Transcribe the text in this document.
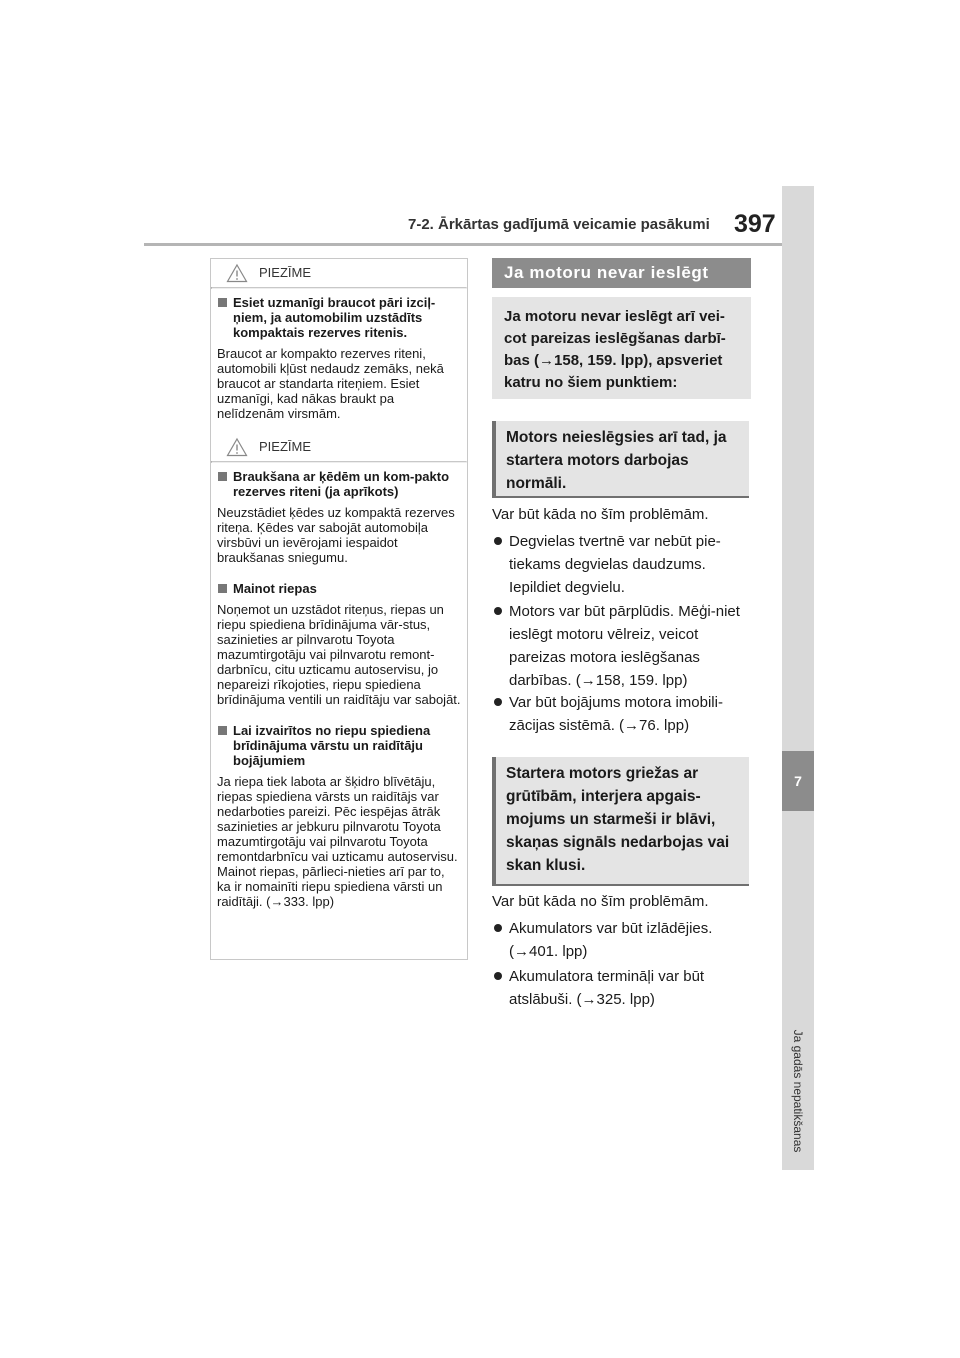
7-2. Ārkārtas gadījumā veicamie pasākumi 397
7
Ja gadās nepatikšanas
PIEZĪME
Esiet uzmanīgi braucot pāri izciļ-ņiem, ja automobilim uzstādīts kompaktais rezerves ritenis.
Braucot ar kompakto rezerves riteni, automobili kļūst nedaudz zemāks, nekā braucot ar standarta riteņiem. Esiet uzmanīgi, kad nākas braukt pa nelīdzenām virsmām.
PIEZĪME
Braukšana ar ķēdēm un kom-pakto rezerves riteni (ja aprīkots)
Neuzstādiet ķēdes uz kompaktā rezerves riteņa. Ķēdes var sabojāt automobiļa virsbūvi un ievērojami iespaidot braukšanas sniegumu.
Mainot riepas
Noņemot un uzstādot riteņus, riepas un riepu spiediena brīdinājuma vār-stus, sazinieties ar pilnvarotu Toyota mazumtirgotāju vai pilnvarotu remont-darbnīcu, citu uzticamu autoservisu, jo nepareizi rīkojoties, riepu spiediena brīdinājuma ventili un raidītāju var sabojāt.
Lai izvairītos no riepu spiediena brīdinājuma vārstu un raidītāju bojājumiem
Ja riepa tiek labota ar šķidro blīvētāju, riepas spiediena vārsts un raidītājs var nedarboties pareizi. Pēc iespējas ātrāk sazinieties ar jebkuru pilnvarotu Toyota mazumtirgotāju vai pilnvarotu Toyota remontdarbnīcu vai uzticamu autoservisu. Mainot riepas, pārlieci-nieties arī par to, ka ir nomainīti riepu spiediena vārsti un raidītāji. (→333. lpp)
Ja motoru nevar ieslēgt
Ja motoru nevar ieslēgt arī vei-cot pareizas ieslēgšanas darbī-bas (→158, 159. lpp), apsveriet katru no šiem punktiem:
Motors neieslēgsies arī tad, ja startera motors darbojas normāli.
Var būt kāda no šīm problēmām.
Degvielas tvertnē var nebūt pie-tiekams degvielas daudzums. Iepildiet degvielu.
Motors var būt pārplūdis. Mēģi-niet ieslēgt motoru vēlreiz, veicot pareizas motora ieslēgšanas darbības. (→158, 159. lpp)
Var būt bojājums motora imobili-zācijas sistēmā. (→76. lpp)
Startera motors griežas ar grūtībām, interjera apgais-mojums un starmeši ir blāvi, skaņas signāls nedarbojas vai skan klusi.
Var būt kāda no šīm problēmām.
Akumulators var būt izlādējies. (→401. lpp)
Akumulatora termināļi var būt atslābuši. (→325. lpp)
